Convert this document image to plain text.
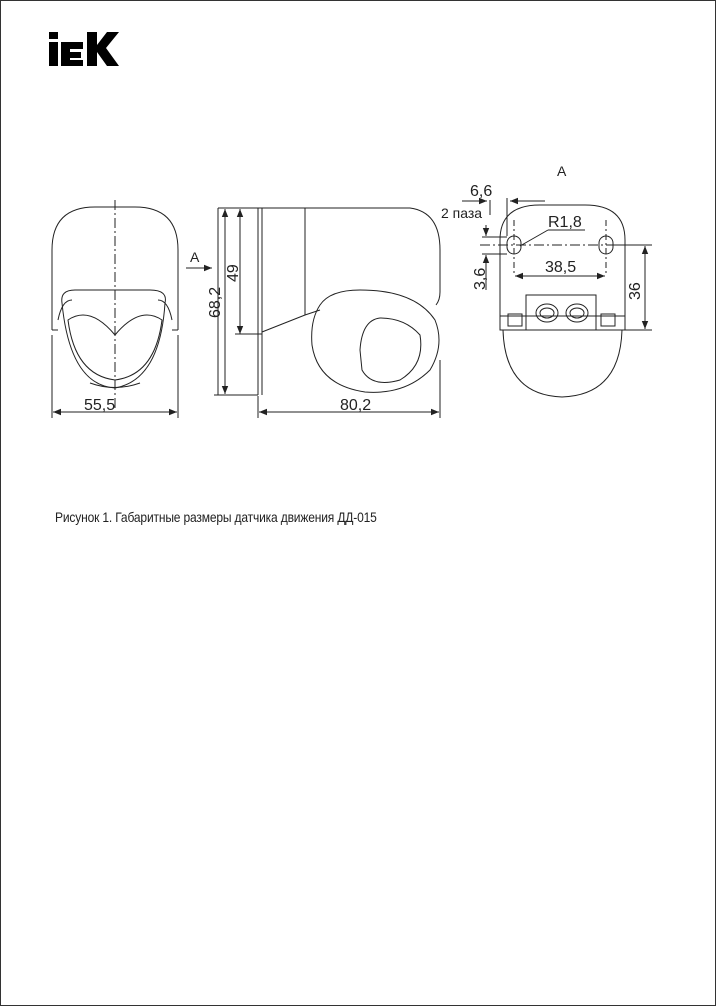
55,5	80,2
68,2
49
А
А
6,6
2 паза
R1,8
38,5
3,6
36
Рисунок 1. Габаритные размеры датчика движения ДД-015
